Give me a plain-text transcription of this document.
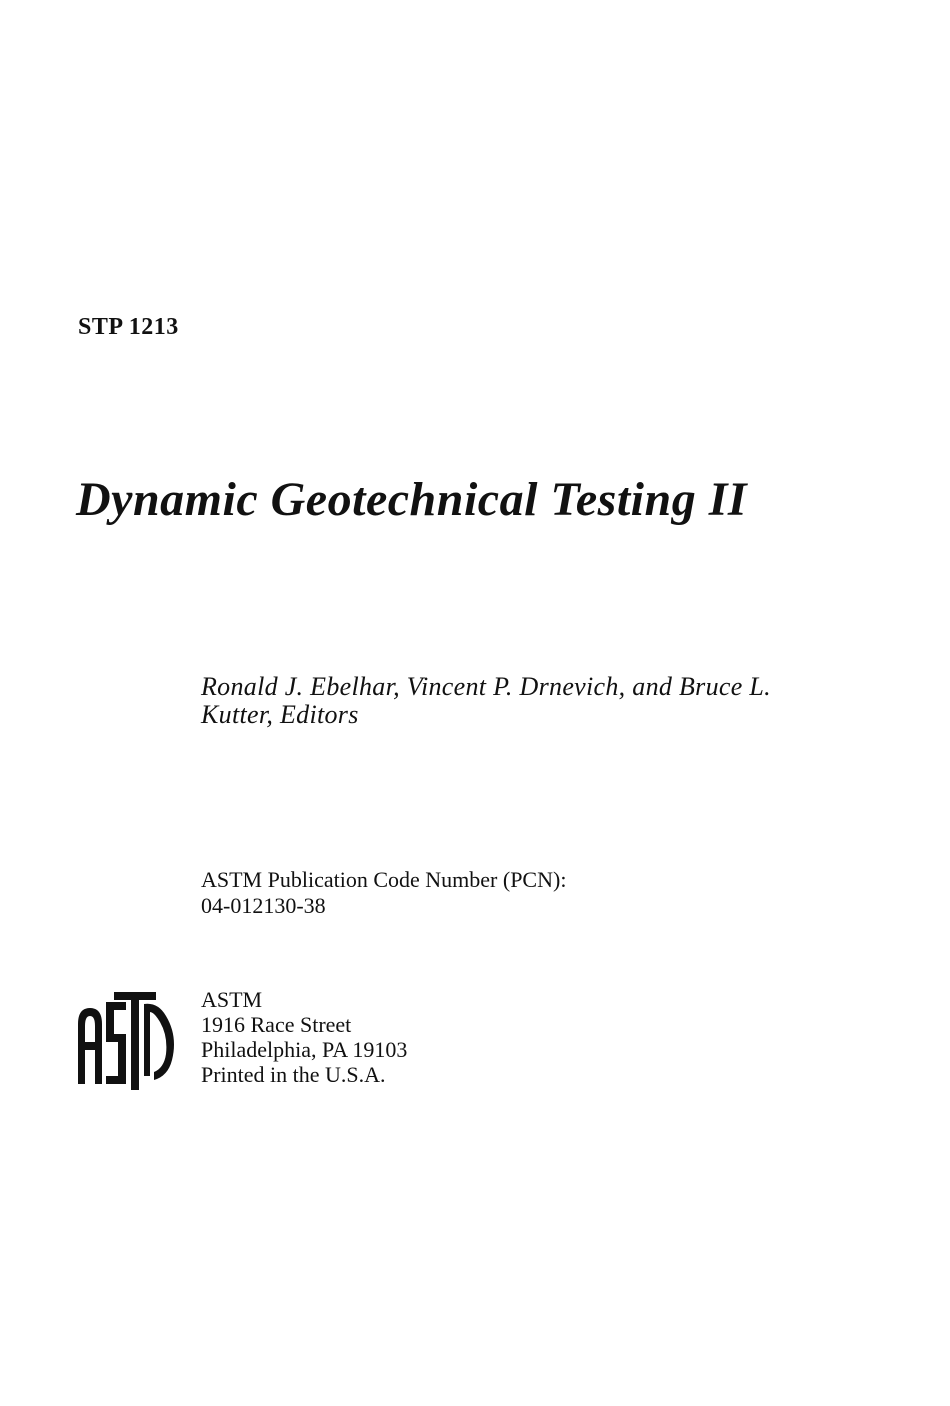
STP 1213
Dynamic Geotechnical Testing II
Ronald J. Ebelhar, Vincent P. Drnevich, and Bruce L.
Kutter, Editors
ASTM Publication Code Number (PCN):
04-012130-38
ASTM
1916 Race Street
Philadelphia, PA 19103
Printed in the U.S.A.
